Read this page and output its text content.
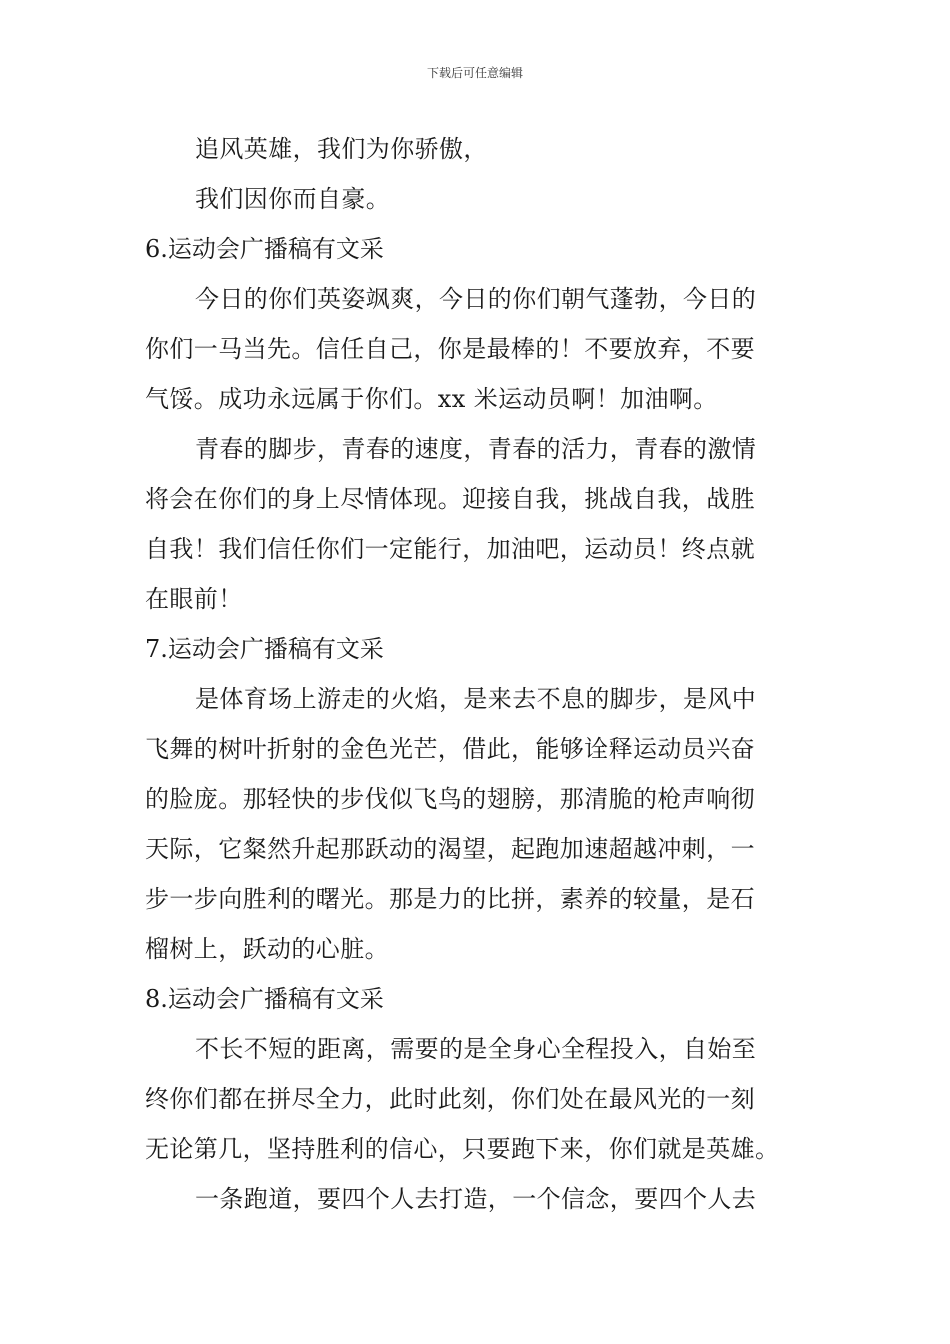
下载后可任意编辑
追风英雄，我们为你骄傲，
我们因你而自豪。
6.运动会广播稿有文采
今日的你们英姿飒爽，今日的你们朝气蓬勃，今日的
你们一马当先。信任自己，你是最棒的！不要放弃，不要
气馁。成功永远属于你们。xx 米运动员啊！加油啊。
青春的脚步，青春的速度，青春的活力，青春的激情
将会在你们的身上尽情体现。迎接自我，挑战自我，战胜
自我！我们信任你们一定能行，加油吧，运动员！终点就
在眼前！
7.运动会广播稿有文采
是体育场上游走的火焰，是来去不息的脚步，是风中
飞舞的树叶折射的金色光芒，借此，能够诠释运动员兴奋
的脸庞。那轻快的步伐似飞鸟的翅膀，那清脆的枪声响彻
天际，它粲然升起那跃动的渴望，起跑加速超越冲刺，一
步一步向胜利的曙光。那是力的比拼，素养的较量，是石
榴树上，跃动的心脏。
8.运动会广播稿有文采
不长不短的距离，需要的是全身心全程投入，自始至
终你们都在拼尽全力，此时此刻，你们处在最风光的一刻
无论第几，坚持胜利的信心，只要跑下来，你们就是英雄。
一条跑道，要四个人去打造，一个信念，要四个人去
